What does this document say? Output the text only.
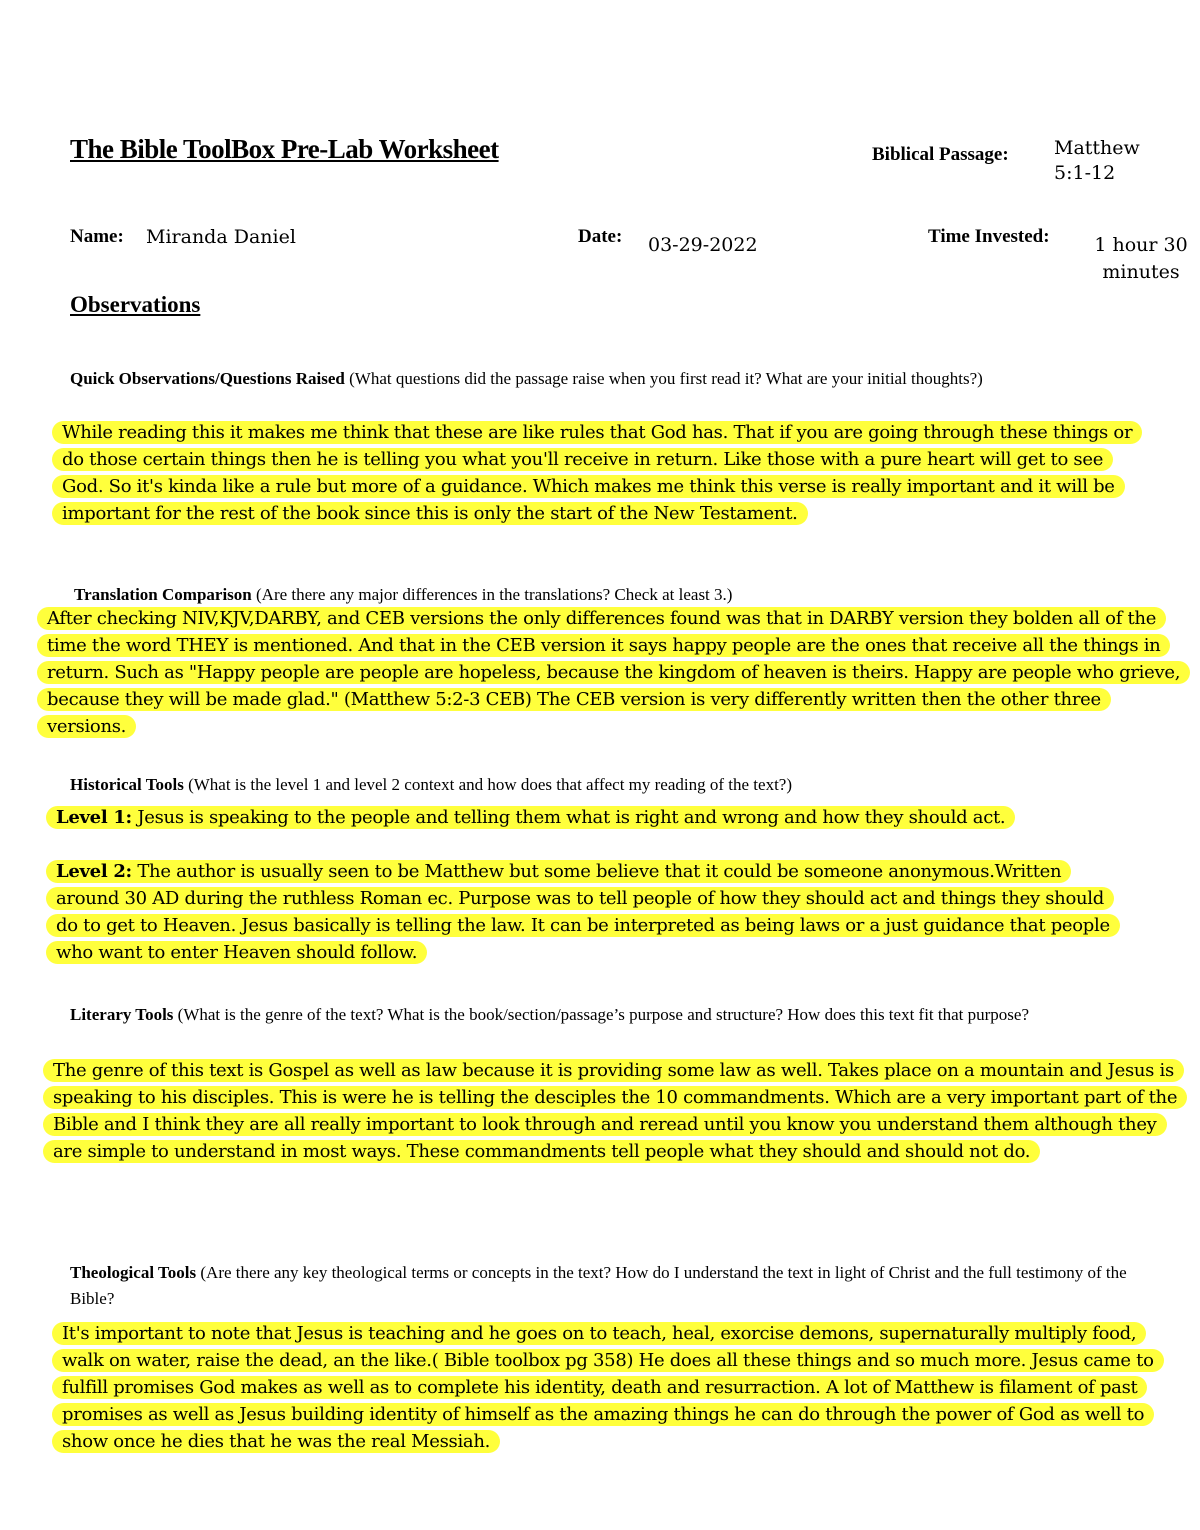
The Bible ToolBox Pre-Lab Worksheet	Biblical Passage: Matthew 5:1-12
Name: Miranda Daniel	Date: 03-29-2022	Time Invested:	1 hour 30 minutes
Observations
Quick Observations/Questions Raised (What questions did the passage raise when you first read it? What are your initial thoughts?)
While reading this it makes me think that these are like rules that God has. That if you are going through these things or do those certain things then he is telling you what you'll receive in return. Like those with a pure heart will get to see God. So it's kinda like a rule but more of a guidance. Which makes me think this verse is really important and it will be important for the rest of the book since this is only the start of the New Testament.
Translation Comparison (Are there any major differences in the translations? Check at least 3.)
After checking NIV,KJV,DARBY, and CEB versions the only differences found was that in DARBY version they bolden all of the time the word THEY is mentioned. And that in the CEB version it says happy people are the ones that receive all the things in return. Such as "Happy people are people are hopeless, because the kingdom of heaven is theirs. Happy are people who grieve, because they will be made glad." (Matthew 5:2-3 CEB) The CEB version is very differently written then the other three versions.
Historical Tools (What is the level 1 and level 2 context and how does that affect my reading of the text?)
Level 1: Jesus is speaking to the people and telling them what is right and wrong and how they should act.
Level 2: The author is usually seen to be Matthew but some believe that it could be someone anonymous.Written around 30 AD during the ruthless Roman ec. Purpose was to tell people of how they should act and things they should do to get to Heaven. Jesus basically is telling the law. It can be interpreted as being laws or a just guidance that people who want to enter Heaven should follow.
Literary Tools (What is the genre of the text? What is the book/section/passage’s purpose and structure? How does this text fit that purpose?
The genre of this text is Gospel as well as law because it is providing some law as well. Takes place on a mountain and Jesus is speaking to his disciples. This is were he is telling the desciples the 10 commandments. Which are a very important part of the Bible and I think they are all really important to look through and reread until you know you understand them although they are simple to understand in most ways. These commandments tell people what they should and should not do.
Theological Tools (Are there any key theological terms or concepts in the text? How do I understand the text in light of Christ and the full testimony of the Bible?
It's important to note that Jesus is teaching and he goes on to teach, heal, exorcise demons, supernaturally multiply food, walk on water, raise the dead, an the like.( Bible toolbox pg 358) He does all these things and so much more. Jesus came to fulfill promises God makes as well as to complete his identity, death and resurraction. A lot of Matthew is filament of past promises as well as Jesus building identity of himself as the amazing things he can do through the power of God as well to show once he dies that he was the real Messiah.
